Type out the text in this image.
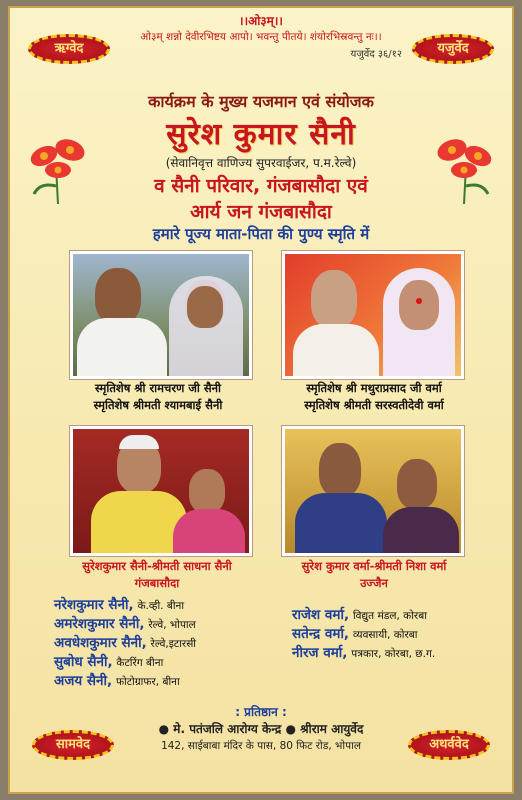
।।ओ३म्।।
ओ३म् शन्नो देवीरभिष्टय आपो। भवन्तु पीतये। शंयोरभिस्रवन्तु नः।।
यजुर्वेद ३६/१२
ऋग्वेद	यजुर्वेद
कार्यक्रम के मुख्य यजमान एवं संयोजक
सुरेश कुमार सैनी
(सेवानिवृत्त वाणिज्य सुपरवाईजर, प.म.रेल्वे)
व सैनी परिवार, गंजबासौदा एवं
आर्य जन गंजबासौदा
हमारे पूज्य माता-पिता की पुण्य स्मृति में
स्मृतिशेष श्री रामचरण जी सैनी
स्मृतिशेष श्रीमती श्यामबाई सैनी
स्मृतिशेष श्री मथुराप्रसाद जी वर्मा
स्मृतिशेष श्रीमती सरस्वतीदेवी वर्मा
सुरेशकुमार सैनी-श्रीमती साधना सैनी
गंजबासौदा
सुरेश कुमार वर्मा-श्रीमती निशा वर्मा
उज्जैन
नरेशकुमार सैनी, के.व्ही. बीना
अमरेशकुमार सैनी, रेल्वे, भोपाल
अवधेशकुमार सैनी, रेल्वे,इटारसी
सुबोध सैनी, कैटरिंग बीना
अजय सैनी, फोटोग्राफर, बीना
राजेश वर्मा, विद्युत मंडल, कोरबा
सतेन्द्र वर्मा, व्यवसायी, कोरबा
नीरज वर्मा, पत्रकार, कोरबा, छ.ग.
: प्रतिष्ठान :
● मे. पतंजलि आरोग्य केन्द्र ● श्रीराम आयुर्वेद
142, साईबाबा मंदिर के पास, 80 फिट रोड, भोपाल
सामवेद	अथर्ववेद
